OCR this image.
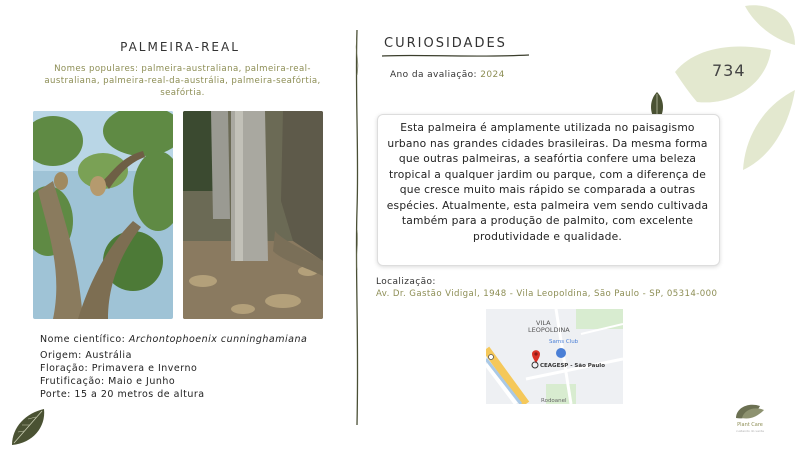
PALMEIRA-REAL
Nomes populares: palmeira-australiana, palmeira-real-australiana, palmeira-real-da-austrália, palmeira-seafórtia, seafórtia.
Nome científico: Archontophoenix cunninghamiana
Origem: Austrália
Floração: Primavera e Inverno
Frutificação: Maio e Junho
Porte: 15 a 20 metros de altura
CURIOSIDADES
Ano da avaliação: 2024	734
Esta palmeira é amplamente utilizada no paisagismo urbano nas grandes cidades brasileiras. Da mesma forma que outras palmeiras, a seafórtia confere uma beleza tropical a qualquer jardim ou parque, com a diferença de que cresce muito mais rápido se comparada a outras espécies. Atualmente, esta palmeira vem sendo cultivada também para a produção de palmito, com excelente produtividade e qualidade.
Localização:
Av. Dr. Gastão Vidigal, 1948 - Vila Leopoldina, São Paulo - SP, 05314-000
VILA
LEOPOLDINA
Sams Club
CEAGESP - São Paulo
Rodoanel
Plant Care
cuidando do verde
